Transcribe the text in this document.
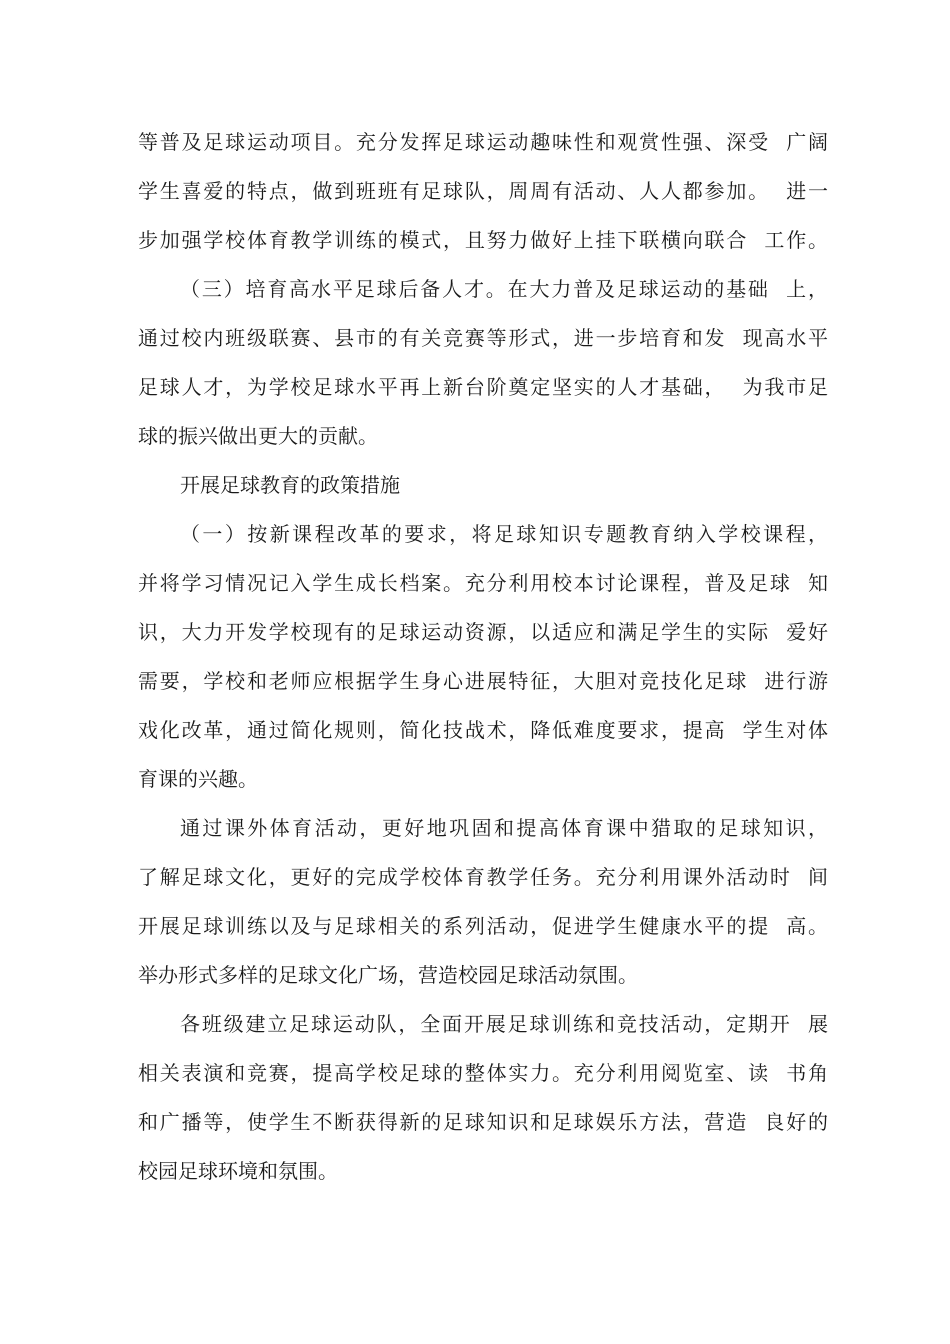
等普及足球运动项目。充分发挥足球运动趣味性和观赏性强、深受  广阔
学生喜爱的特点，做到班班有足球队，周周有活动、人人都参加。  进一
步加强学校体育教学训练的模式，且努力做好上挂下联横向联合  工作。
（三）培育高水平足球后备人才。在大力普及足球运动的基础  上，
通过校内班级联赛、县市的有关竞赛等形式，进一步培育和发  现高水平
足球人才，为学校足球水平再上新台阶奠定坚实的人才基础，  为我市足
球的振兴做出更大的贡献。
开展足球教育的政策措施
（一）按新课程改革的要求，将足球知识专题教育纳入学校课程，
并将学习情况记入学生成长档案。充分利用校本讨论课程，普及足球  知
识，大力开发学校现有的足球运动资源，以适应和满足学生的实际  爱好
需要，学校和老师应根据学生身心进展特征，大胆对竞技化足球  进行游
戏化改革，通过简化规则，简化技战术，降低难度要求，提高  学生对体
育课的兴趣。
通过课外体育活动，更好地巩固和提高体育课中猎取的足球知识，
了解足球文化，更好的完成学校体育教学任务。充分利用课外活动时  间
开展足球训练以及与足球相关的系列活动，促进学生健康水平的提  高。
举办形式多样的足球文化广场，营造校园足球活动氛围。
各班级建立足球运动队，全面开展足球训练和竞技活动，定期开  展
相关表演和竞赛，提高学校足球的整体实力。充分利用阅览室、读  书角
和广播等，使学生不断获得新的足球知识和足球娱乐方法，营造  良好的
校园足球环境和氛围。
